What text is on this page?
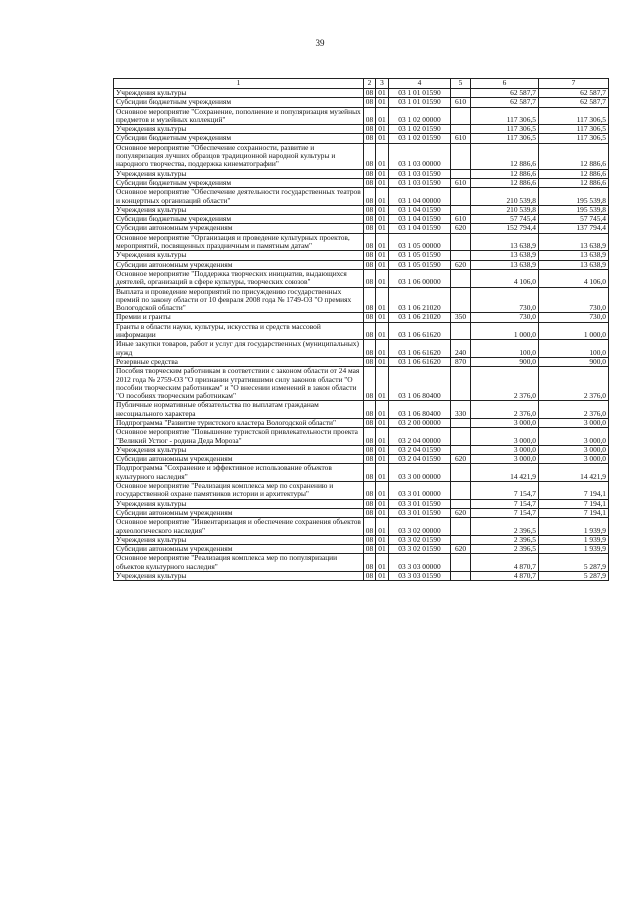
39
1	2	3	4	5	6	7
Учреждения культуры	08	01	03 1 01 01590		62 587,7	62 587,7
Субсидии бюджетным учреждениям	08	01	03 1 01 01590	610	62 587,7	62 587,7
Основное мероприятие "Сохранение, пополнение и популяризация музейных предметов и музейных коллекций"	08	01	03 1 02 00000		117 306,5	117 306,5
Учреждения культуры	08	01	03 1 02 01590		117 306,5	117 306,5
Субсидии бюджетным учреждениям	08	01	03 1 02 01590	610	117 306,5	117 306,5
Основное мероприятие "Обеспечение сохранности, развитие и популяризация лучших образцов традиционной народной культуры и народного творчества, поддержка кинематографии"	08	01	03 1 03 00000		12 886,6	12 886,6
Учреждения культуры	08	01	03 1 03 01590		12 886,6	12 886,6
Субсидии бюджетным учреждениям	08	01	03 1 03 01590	610	12 886,6	12 886,6
Основное мероприятие "Обеспечение деятельности государственных театров и концертных организаций области"	08	01	03 1 04 00000		210 539,8	195 539,8
Учреждения культуры	08	01	03 1 04 01590		210 539,8	195 539,8
Субсидии бюджетным учреждениям	08	01	03 1 04 01590	610	57 745,4	57 745,4
Субсидии автономным учреждениям	08	01	03 1 04 01590	620	152 794,4	137 794,4
Основное мероприятие "Организация и проведение культурных проектов, мероприятий, посвященных праздничным и памятным датам"	08	01	03 1 05 00000		13 638,9	13 638,9
Учреждения культуры	08	01	03 1 05 01590		13 638,9	13 638,9
Субсидии автономным учреждениям	08	01	03 1 05 01590	620	13 638,9	13 638,9
Основное мероприятие "Поддержка творческих инициатив, выдающихся деятелей, организаций в сфере культуры, творческих союзов"	08	01	03 1 06 00000		4 106,0	4 106,0
Выплата и проведение мероприятий по присуждению государственных премий по закону области от 10 февраля 2008 года № 1749-ОЗ "О премиях Вологодской области"	08	01	03 1 06 21020		730,0	730,0
Премии и гранты	08	01	03 1 06 21020	350	730,0	730,0
Гранты в области науки, культуры, искусства и средств массовой информации	08	01	03 1 06 61620		1 000,0	1 000,0
Иные закупки товаров, работ и услуг для государственных (муниципальных) нужд	08	01	03 1 06 61620	240	100,0	100,0
Резервные средства	08	01	03 1 06 61620	870	900,0	900,0
Пособия творческим работникам в соответствии с законом области от 24 мая 2012 года № 2759-ОЗ "О признании утратившими силу законов области "О пособии творческим работникам" и "О внесении изменений в закон области "О пособиях творческим работникам"	08	01	03 1 06 80400		2 376,0	2 376,0
Публичные нормативные обязательства по выплатам гражданам несоциального характера	08	01	03 1 06 80400	330	2 376,0	2 376,0
Подпрограмма "Развитие туристского кластера Вологодской области"	08	01	03 2 00 00000		3 000,0	3 000,0
Основное мероприятие "Повышение туристской привлекательности проекта "Великий Устюг - родина Деда Мороза"	08	01	03 2 04 00000		3 000,0	3 000,0
Учреждения культуры	08	01	03 2 04 01590		3 000,0	3 000,0
Субсидии автономным учреждениям	08	01	03 2 04 01590	620	3 000,0	3 000,0
Подпрограмма "Сохранение и эффективное использование объектов культурного наследия"	08	01	03 3 00 00000		14 421,9	14 421,9
Основное мероприятие "Реализация комплекса мер по сохранению и государственной охране памятников истории и архитектуры"	08	01	03 3 01 00000		7 154,7	7 194,1
Учреждения культуры	08	01	03 3 01 01590		7 154,7	7 194,1
Субсидии автономным учреждениям	08	01	03 3 01 01590	620	7 154,7	7 194,1
Основное мероприятие "Инвентаризация и обеспечение сохранения объектов археологического наследия"	08	01	03 3 02 00000		2 396,5	1 939,9
Учреждения культуры	08	01	03 3 02 01590		2 396,5	1 939,9
Субсидии автономным учреждениям	08	01	03 3 02 01590	620	2 396,5	1 939,9
Основное мероприятие "Реализация комплекса мер по популяризации объектов культурного наследия"	08	01	03 3 03 00000		4 870,7	5 287,9
Учреждения культуры	08	01	03 3 03 01590		4 870,7	5 287,9
